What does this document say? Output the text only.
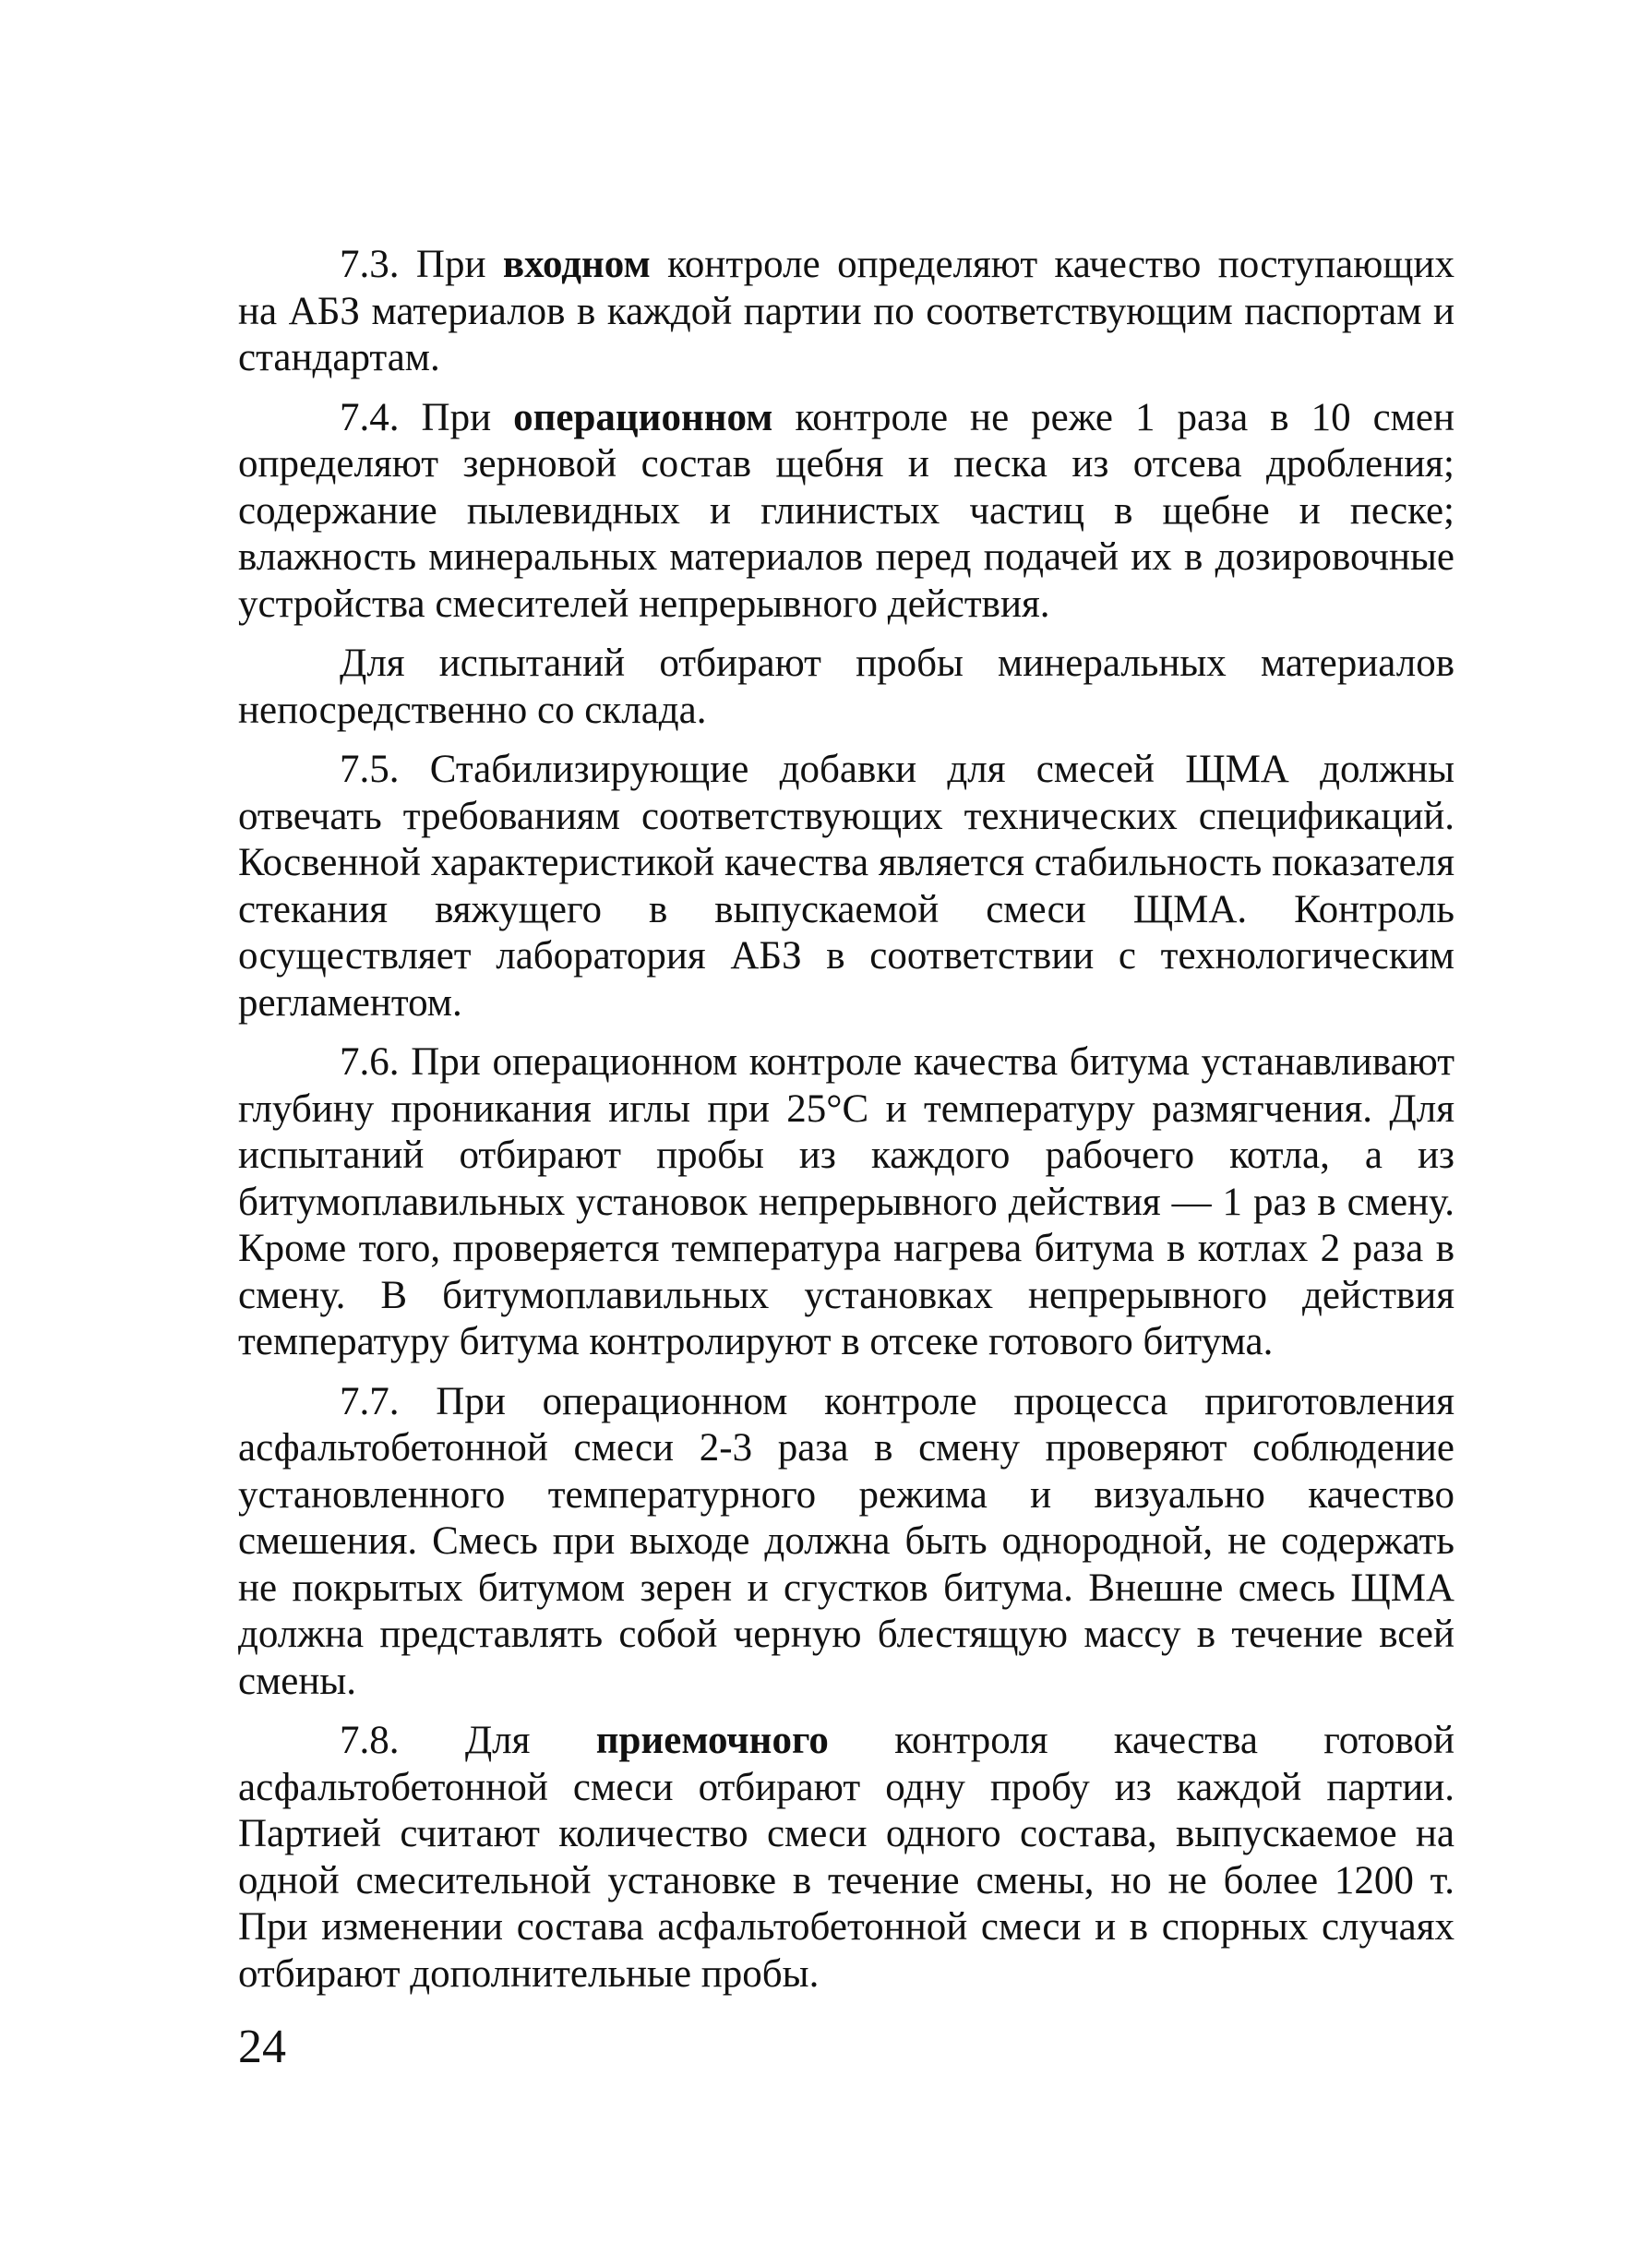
7.3. При входном контроле определяют качество поступающих на АБЗ материалов в каждой партии по соответствующим паспортам и стандартам.

7.4. При операционном контроле не реже 1 раза в 10 смен определяют зерновой состав щебня и песка из отсева дробления; содержание пылевидных и глинистых частиц в щебне и песке; влажность минеральных материалов перед подачей их в дозировочные устройства смесителей непрерывного действия.

Для испытаний отбирают пробы минеральных материалов непосредственно со склада.

7.5. Стабилизирующие добавки для смесей ЩМА должны отвечать требованиям соответствующих технических спецификаций. Косвенной характеристикой качества является стабильность показателя стекания вяжущего в выпускаемой смеси ЩМА. Контроль осуществляет лаборатория АБЗ в соответствии с технологическим регламентом.

7.6. При операционном контроле качества битума устанавливают глубину проникания иглы при 25°С и температуру размягчения. Для испытаний отбирают пробы из каждого рабочего котла, а из битумоплавильных установок непрерывного действия — 1 раз в смену. Кроме того, проверяется температура нагрева битума в котлах 2 раза в смену. В битумоплавильных установках непрерывного действия температуру битума контролируют в отсеке готового битума.

7.7. При операционном контроле процесса приготовления асфальтобетонной смеси 2-3 раза в смену проверяют соблюдение установленного температурного режима и визуально качество смешения. Смесь при выходе должна быть однородной, не содержать не покрытых битумом зерен и сгустков битума. Внешне смесь ЩМА должна представлять собой черную блестящую массу в течение всей смены.

7.8. Для приемочного контроля качества готовой асфальтобетонной смеси отбирают одну пробу из каждой партии. Партией считают количество смеси одного состава, выпускаемое на одной смесительной установке в течение смены, но не более 1200 т. При изменении состава асфальтобетонной смеси и в спорных случаях отбирают дополнительные пробы.

24
